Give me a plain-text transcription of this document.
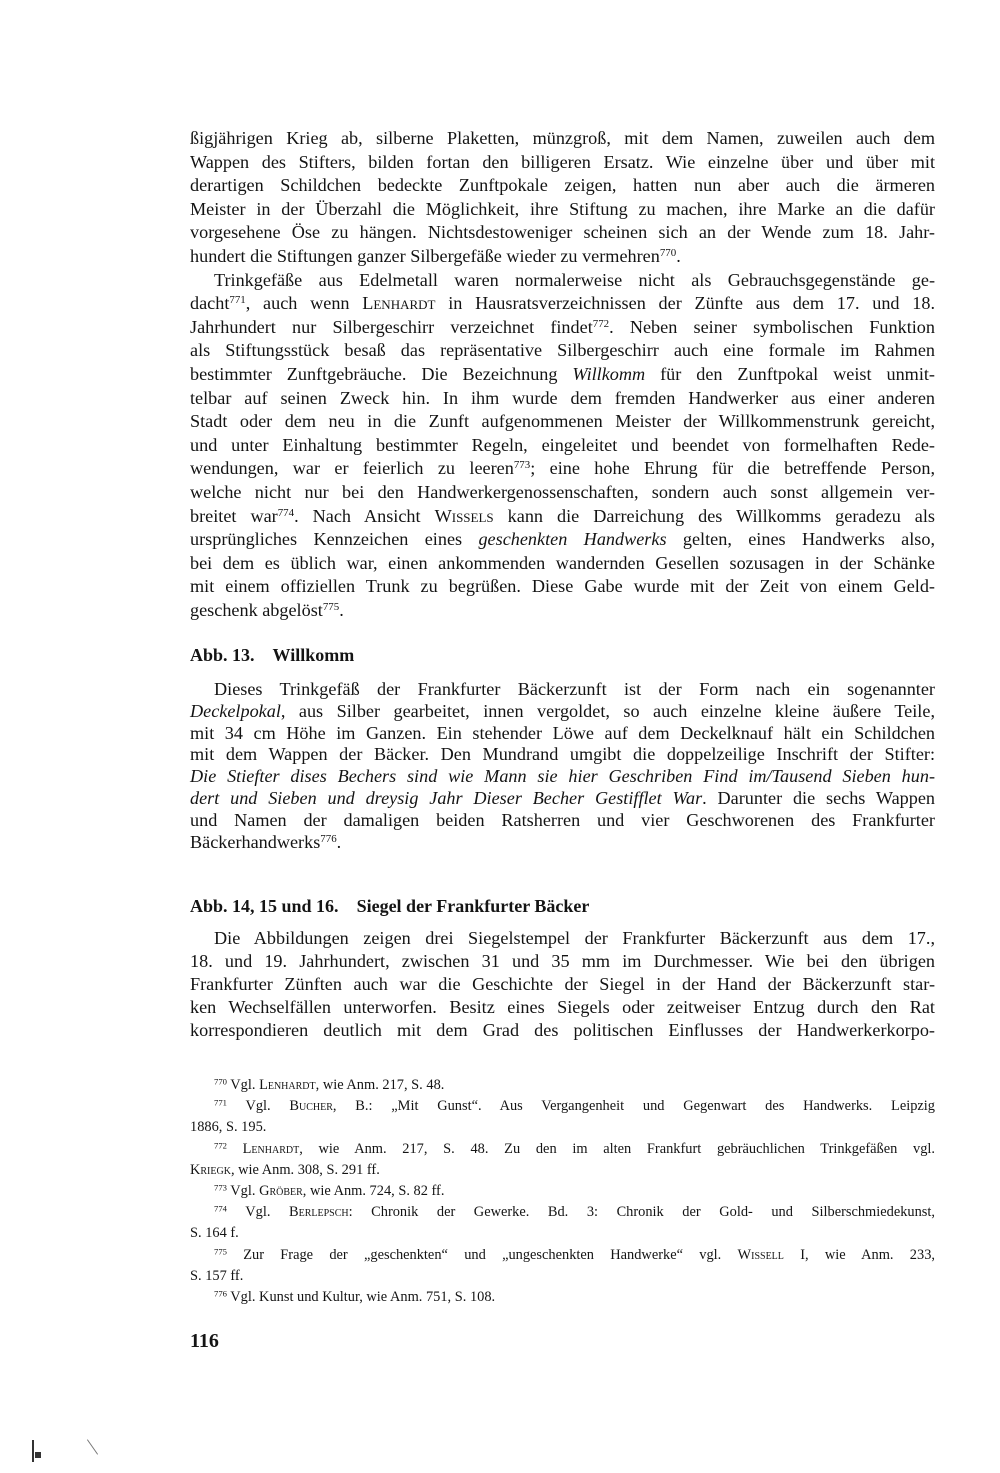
ßigjährigen Krieg ab, silberne Plaketten, münzgroß, mit dem Namen, zuweilen auch dem
Wappen des Stifters, bilden fortan den billigeren Ersatz. Wie einzelne über und über mit
derartigen Schildchen bedeckte Zunftpokale zeigen, hatten nun aber auch die ärmeren
Meister in der Überzahl die Möglichkeit, ihre Stiftung zu machen, ihre Marke an die dafür
vorgesehene Öse zu hängen. Nichtsdestoweniger scheinen sich an der Wende zum 18. Jahr-
hundert die Stiftungen ganzer Silbergefäße wieder zu vermehren$^{770}$.
Trinkgefäße aus Edelmetall waren normalerweise nicht als Gebrauchsgegenstände ge-
dacht$^{771}$, auch wenn Lenhardt in Hausratsverzeichnissen der Zünfte aus dem 17. und 18.
Jahrhundert nur Silbergeschirr verzeichnet findet$^{772}$. Neben seiner symbolischen Funktion
als Stiftungsstück besaß das repräsentative Silbergeschirr auch eine formale im Rahmen
bestimmter Zunftgebräuche. Die Bezeichnung Willkomm für den Zunftpokal weist unmit-
telbar auf seinen Zweck hin. In ihm wurde dem fremden Handwerker aus einer anderen
Stadt oder dem neu in die Zunft aufgenommenen Meister der Willkommenstrunk gereicht,
und unter Einhaltung bestimmter Regeln, eingeleitet und beendet von formelhaften Rede-
wendungen, war er feierlich zu leeren$^{773}$; eine hohe Ehrung für die betreffende Person,
welche nicht nur bei den Handwerkergenossenschaften, sondern auch sonst allgemein ver-
breitet war$^{774}$. Nach Ansicht Wissels kann die Darreichung des Willkomms geradezu als
ursprüngliches Kennzeichen eines geschenkten Handwerks gelten, eines Handwerks also,
bei dem es üblich war, einen ankommenden wandernden Gesellen sozusagen in der Schänke
mit einem offiziellen Trunk zu begrüßen. Diese Gabe wurde mit der Zeit von einem Geld-
geschenk abgelöst$^{775}$.
Abb. 13. Willkomm
Dieses Trinkgefäß der Frankfurter Bäckerzunft ist der Form nach ein sogenannter
Deckelpokal, aus Silber gearbeitet, innen vergoldet, so auch einzelne kleine äußere Teile,
mit 34 cm Höhe im Ganzen. Ein stehender Löwe auf dem Deckelknauf hält ein Schildchen
mit dem Wappen der Bäcker. Den Mundrand umgibt die doppelzeilige Inschrift der Stifter:
Die Stiefter dises Bechers sind wie Mann sie hier Geschriben Find im/Tausend Sieben hun-
dert und Sieben und dreysig Jahr Dieser Becher Gestifflet War. Darunter die sechs Wappen
und Namen der damaligen beiden Ratsherren und vier Geschworenen des Frankfurter
Bäckerhandwerks$^{776}$.
Abb. 14, 15 und 16. Siegel der Frankfurter Bäcker
Die Abbildungen zeigen drei Siegelstempel der Frankfurter Bäckerzunft aus dem 17.,
18. und 19. Jahrhundert, zwischen 31 und 35 mm im Durchmesser. Wie bei den übrigen
Frankfurter Zünften auch war die Geschichte der Siegel in der Hand der Bäckerzunft star-
ken Wechselfällen unterworfen. Besitz eines Siegels oder zeitweiser Entzug durch den Rat
korrespondieren deutlich mit dem Grad des politischen Einflusses der Handwerkerkorpo-
$^{770}$ Vgl. Lenhardt, wie Anm. 217, S. 48.
$^{771}$ Vgl. Bucher, B.: „Mit Gunst“. Aus Vergangenheit und Gegenwart des Handwerks. Leipzig
1886, S. 195.
$^{772}$ Lenhardt, wie Anm. 217, S. 48. Zu den im alten Frankfurt gebräuchlichen Trinkgefäßen vgl.
Kriegk, wie Anm. 308, S. 291 ff.
$^{773}$ Vgl. Gröber, wie Anm. 724, S. 82 ff.
$^{774}$ Vgl. Berlepsch: Chronik der Gewerke. Bd. 3: Chronik der Gold- und Silberschmiedekunst,
S. 164 f.
$^{775}$ Zur Frage der „geschenkten“ und „ungeschenkten Handwerke“ vgl. Wissell I, wie Anm. 233,
S. 157 ff.
$^{776}$ Vgl. Kunst und Kultur, wie Anm. 751, S. 108.
116
